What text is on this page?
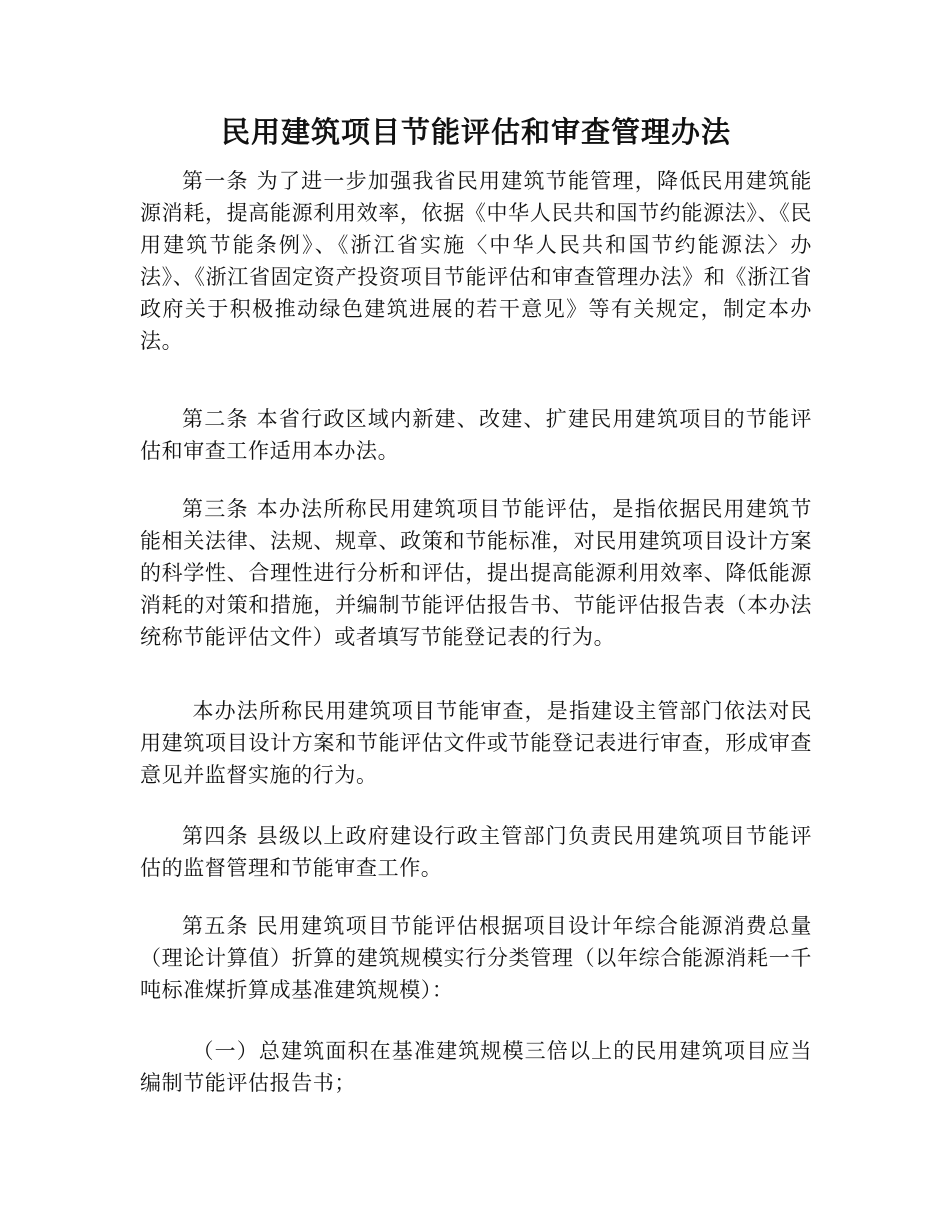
民用建筑项目节能评估和审查管理办法

第一条 为了进一步加强我省民用建筑节能管理，降低民用建筑能源消耗，提高能源利用效率，依据《中华人民共和国节约能源法》、《民用建筑节能条例》、《浙江省实施〈中华人民共和国节约能源法〉办法》、《浙江省固定资产投资项目节能评估和审查管理办法》和《浙江省政府关于积极推动绿色建筑进展的若干意见》等有关规定，制定本办法。

第二条 本省行政区域内新建、改建、扩建民用建筑项目的节能评估和审查工作适用本办法。

第三条 本办法所称民用建筑项目节能评估，是指依据民用建筑节能相关法律、法规、规章、政策和节能标准，对民用建筑项目设计方案的科学性、合理性进行分析和评估，提出提高能源利用效率、降低能源消耗的对策和措施，并编制节能评估报告书、节能评估报告表（本办法统称节能评估文件）或者填写节能登记表的行为。

本办法所称民用建筑项目节能审查，是指建设主管部门依法对民用建筑项目设计方案和节能评估文件或节能登记表进行审查，形成审查意见并监督实施的行为。

第四条 县级以上政府建设行政主管部门负责民用建筑项目节能评估的监督管理和节能审查工作。

第五条 民用建筑项目节能评估根据项目设计年综合能源消费总量（理论计算值）折算的建筑规模实行分类管理（以年综合能源消耗一千吨标准煤折算成基准建筑规模）：

（一）总建筑面积在基准建筑规模三倍以上的民用建筑项目应当编制节能评估报告书；
